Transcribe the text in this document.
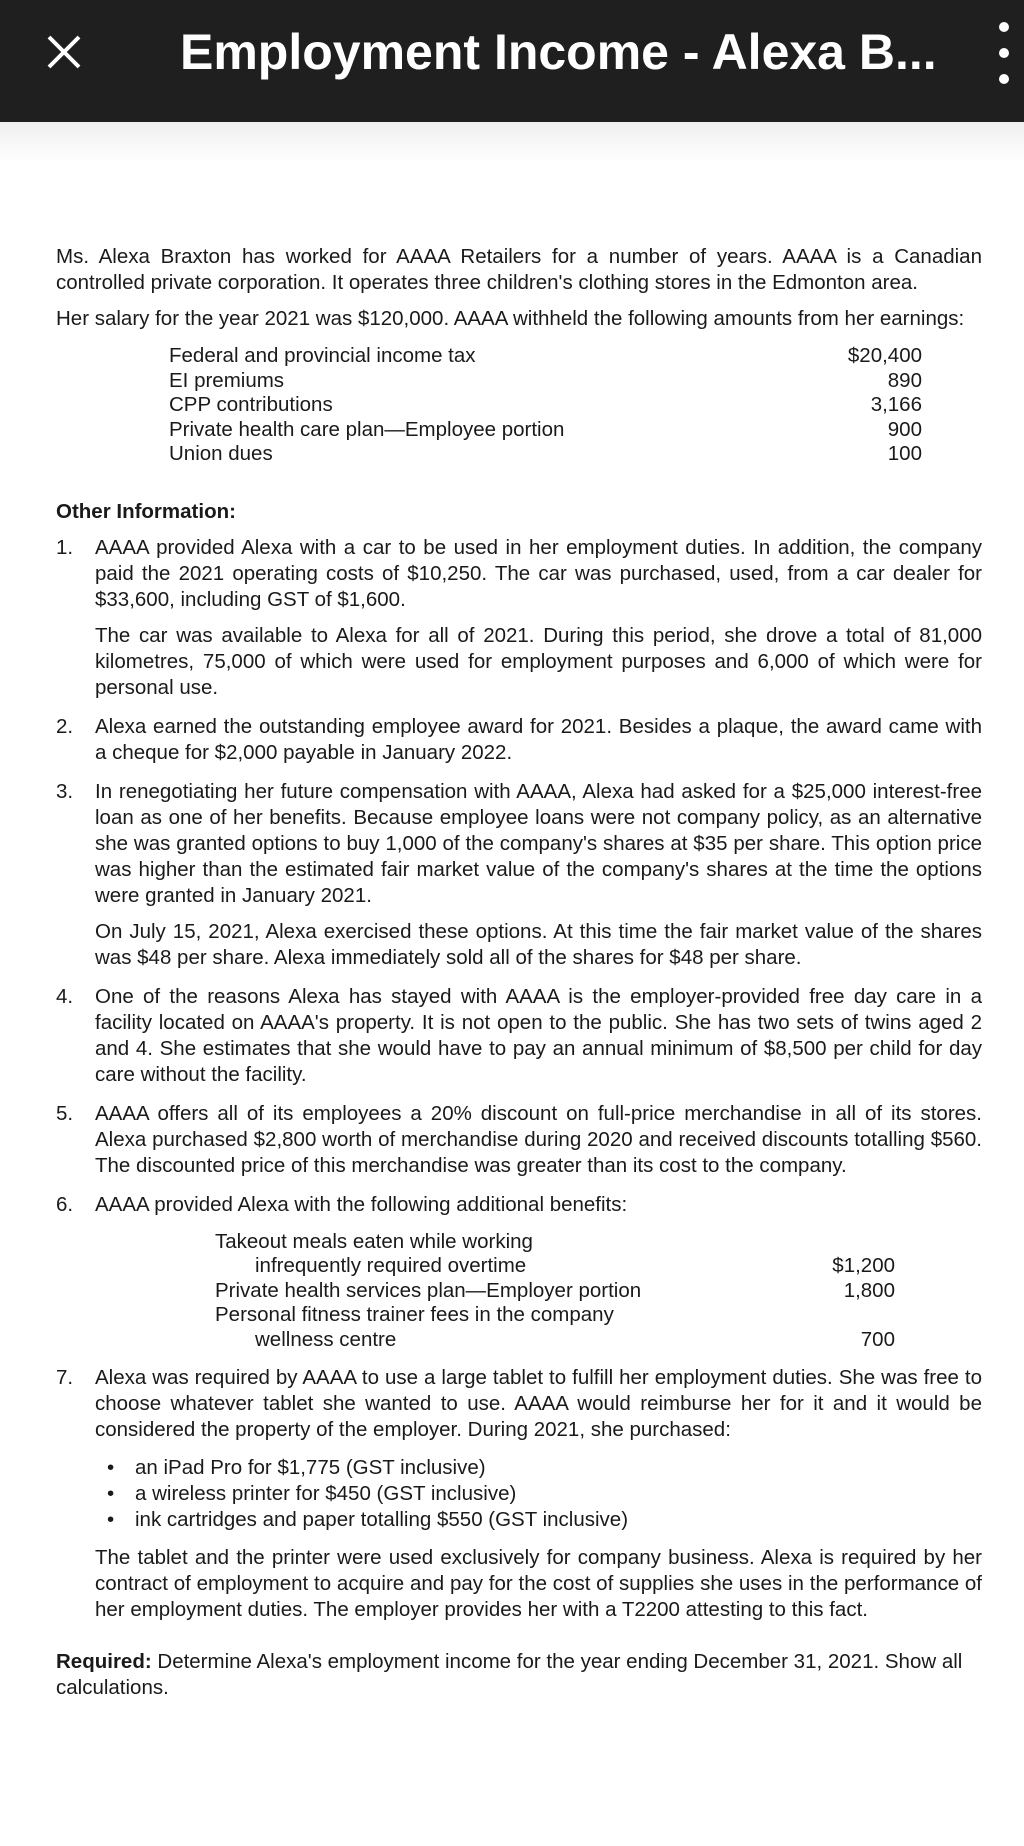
Employment Income - Alexa B...

Ms. Alexa Braxton has worked for AAAA Retailers for a number of years. AAAA is a Canadian controlled private corporation. It operates three children's clothing stores in the Edmonton area.

Her salary for the year 2021 was $120,000. AAAA withheld the following amounts from her earnings:

Federal and provincial income tax	$20,400
EI premiums	890
CPP contributions	3,166
Private health care plan—Employee portion	900
Union dues	100

Other Information:

1.	AAAA provided Alexa with a car to be used in her employment duties. In addition, the company paid the 2021 operating costs of $10,250. The car was purchased, used, from a car dealer for $33,600, including GST of $1,600.

The car was available to Alexa for all of 2021. During this period, she drove a total of 81,000 kilometres, 75,000 of which were used for employment purposes and 6,000 of which were for personal use.

2.	Alexa earned the outstanding employee award for 2021. Besides a plaque, the award came with a cheque for $2,000 payable in January 2022.

3.	In renegotiating her future compensation with AAAA, Alexa had asked for a $25,000 interest-free loan as one of her benefits. Because employee loans were not company policy, as an alternative she was granted options to buy 1,000 of the company's shares at $35 per share. This option price was higher than the estimated fair market value of the company's shares at the time the options were granted in January 2021.

On July 15, 2021, Alexa exercised these options. At this time the fair market value of the shares was $48 per share. Alexa immediately sold all of the shares for $48 per share.

4.	One of the reasons Alexa has stayed with AAAA is the employer-provided free day care in a facility located on AAAA's property. It is not open to the public. She has two sets of twins aged 2 and 4. She estimates that she would have to pay an annual minimum of $8,500 per child for day care without the facility.

5.	AAAA offers all of its employees a 20% discount on full-price merchandise in all of its stores. Alexa purchased $2,800 worth of merchandise during 2020 and received discounts totalling $560. The discounted price of this merchandise was greater than its cost to the company.

6.	AAAA provided Alexa with the following additional benefits:

Takeout meals eaten while working	
infrequently required overtime	$1,200
Private health services plan—Employer portion	1,800
Personal fitness trainer fees in the company	
wellness centre	700
7.	Alexa was required by AAAA to use a large tablet to fulfill her employment duties. She was free to choose whatever tablet she wanted to use. AAAA would reimburse her for it and it would be considered the property of the employer. During 2021, she purchased:

• an iPad Pro for $1,775 (GST inclusive)
• a wireless printer for $450 (GST inclusive)
• ink cartridges and paper totalling $550 (GST inclusive)

The tablet and the printer were used exclusively for company business. Alexa is required by her contract of employment to acquire and pay for the cost of supplies she uses in the performance of her employment duties. The employer provides her with a T2200 attesting to this fact.

Required: Determine Alexa's employment income for the year ending December 31, 2021. Show all calculations.
